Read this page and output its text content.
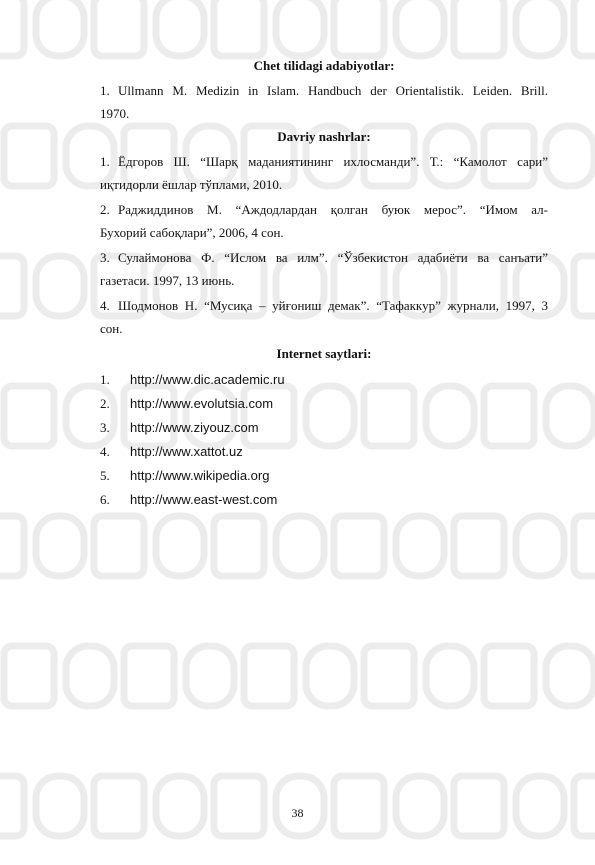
Chet tilidagi adabiyotlar:
1. Ullmann M. Medizin in Islam. Handbuch der Orientalistik. Leiden. Brill.
1970.
Davriy nashrlar:
1. Ёдгоров Ш. “Шарқ маданиятининг ихлосманди”. Т.: “Камолот сари”
иқтидорли ёшлар тўплами, 2010.
2. Раджиддинов М. “Аждодлардан қолган буюк мерос”. “Имом ал-
Бухорий сабоқлари”, 2006, 4 сон.
3. Сулаймонова Ф. “Ислом ва илм”. “Ўзбекистон адабиёти ва санъати”
газетаси. 1997, 13 июнь.
4. Шодмонов Н. “Мусиқа – уйғониш демак”. “Тафаккур” журнали, 1997, 3
сон.
Internet saytlari:
1. http://www.dic.academic.ru
2. http://www.evolutsia.com
3. http://www.ziyouz.com
4. http://www.xattot.uz
5. http://www.wikipedia.org
6. http://www.east-west.com
38
